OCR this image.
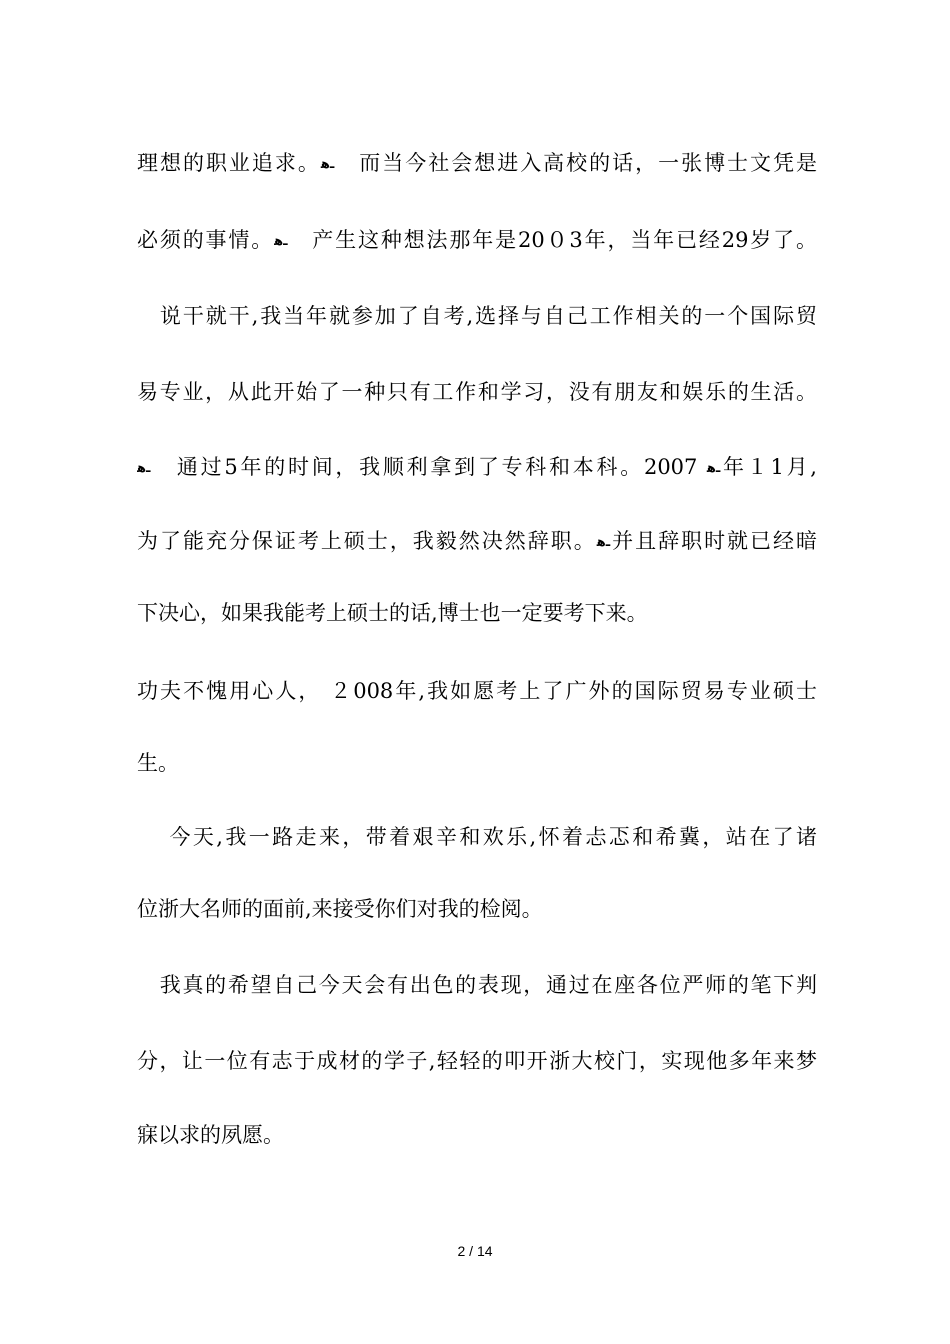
理想的职业追求。ـﻫ　而当今社会想进入高校的话，一张博士文凭是
必须的事情。ـﻫ　产生这种想法那年是20０3年，当年已经29岁了。
　说干就干,我当年就参加了自考,选择与自己工作相关的一个国际贸
易专业，从此开始了一种只有工作和学习，没有朋友和娱乐的生活。
ـﻫ　通过5年的时间，我顺利拿到了专科和本科。2007 ـﻫ年１1月,
为了能充分保证考上硕士，我毅然决然辞职。ـﻫ并且辞职时就已经暗
下决心，如果我能考上硕士的话,博士也一定要考下来。
功夫不愧用心人， ２008年,我如愿考上了广外的国际贸易专业硕士
生。
　 今天,我一路走来，带着艰辛和欢乐,怀着忐忑和希冀，站在了诸
位浙大名师的面前,来接受你们对我的检阅。
　我真的希望自己今天会有出色的表现，通过在座各位严师的笔下判
分，让一位有志于成材的学子,轻轻的叩开浙大校门，实现他多年来梦
寐以求的夙愿。
2 / 14
